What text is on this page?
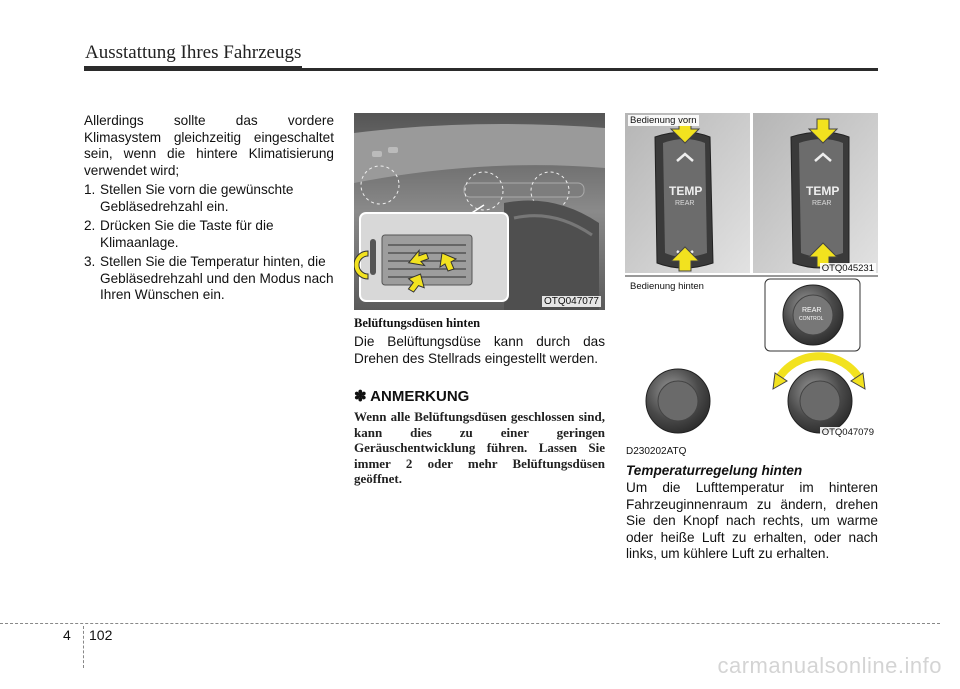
Ausstattung Ihres Fahrzeugs

Allerdings sollte das vordere Klimasystem gleichzeitig eingeschaltet sein, wenn die hintere Klimatisierung verwendet wird;

1. Stellen Sie vorn die gewünschte Gebläsedrehzahl ein.
2. Drücken Sie die Taste für die Klimaanlage.
3. Stellen Sie die Temperatur hinten, die Gebläsedrehzahl und den Modus nach Ihren Wünschen ein.	OTQ047077

Belüftungsdüsen hinten

Die Belüftungsdüse kann durch das Drehen des Stellrads eingestellt werden.

✽ ANMERKUNG

Wenn alle Belüftungsdüsen geschlossen sind, kann dies zu einer geringen Geräuschentwicklung führen. Lassen Sie immer 2 oder mehr Belüftungsdüsen geöffnet.

TEMP
REAR
TEMP
REAR
REAR
CONTROL
Bedienung vorn
OTQ045231
Bedienung hinten
OTQ047079

D230202ATQ

Temperaturregelung hinten

Um die Lufttemperatur im hinteren Fahrzeuginnenraum zu ändern, drehen Sie den Knopf nach rechts, um warme oder heiße Luft zu erhalten, oder nach links, um kühlere Luft zu erhalten.

4 102
carmanualsonline.info
